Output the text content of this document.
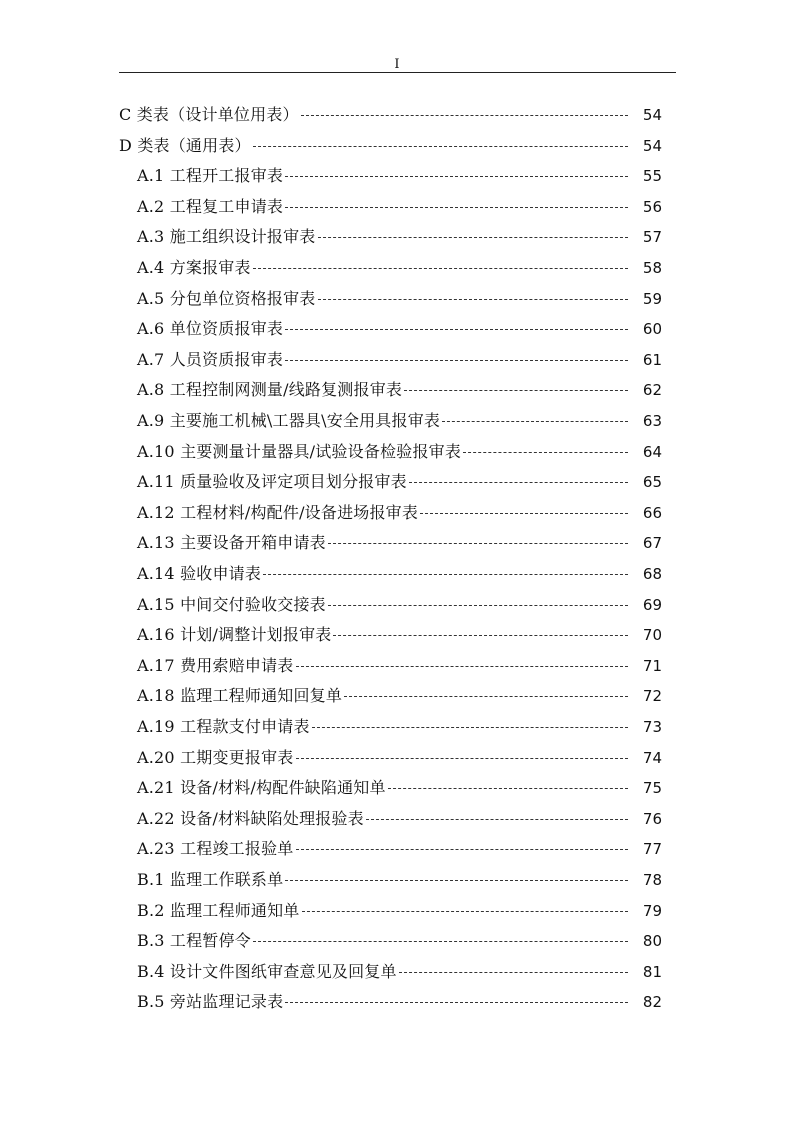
I
C 类表（设计单位用表）	54
D 类表（通用表）	54
A.1 工程开工报审表	55
A.2 工程复工申请表	56
A.3 施工组织设计报审表	57
A.4 方案报审表	58
A.5 分包单位资格报审表	59
A.6 单位资质报审表	60
A.7 人员资质报审表	61
A.8 工程控制网测量/线路复测报审表	62
A.9 主要施工机械\工器具\安全用具报审表	63
A.10 主要测量计量器具/试验设备检验报审表	64
A.11 质量验收及评定项目划分报审表	65
A.12 工程材料/构配件/设备进场报审表	66
A.13 主要设备开箱申请表	67
A.14 验收申请表	68
A.15 中间交付验收交接表	69
A.16 计划/调整计划报审表	70
A.17 费用索赔申请表	71
A.18 监理工程师通知回复单	72
A.19 工程款支付申请表	73
A.20 工期变更报审表	74
A.21 设备/材料/构配件缺陷通知单	75
A.22 设备/材料缺陷处理报验表	76
A.23 工程竣工报验单	77
B.1 监理工作联系单	78
B.2 监理工程师通知单	79
B.3 工程暂停令	80
B.4 设计文件图纸审查意见及回复单	81
B.5 旁站监理记录表	82
